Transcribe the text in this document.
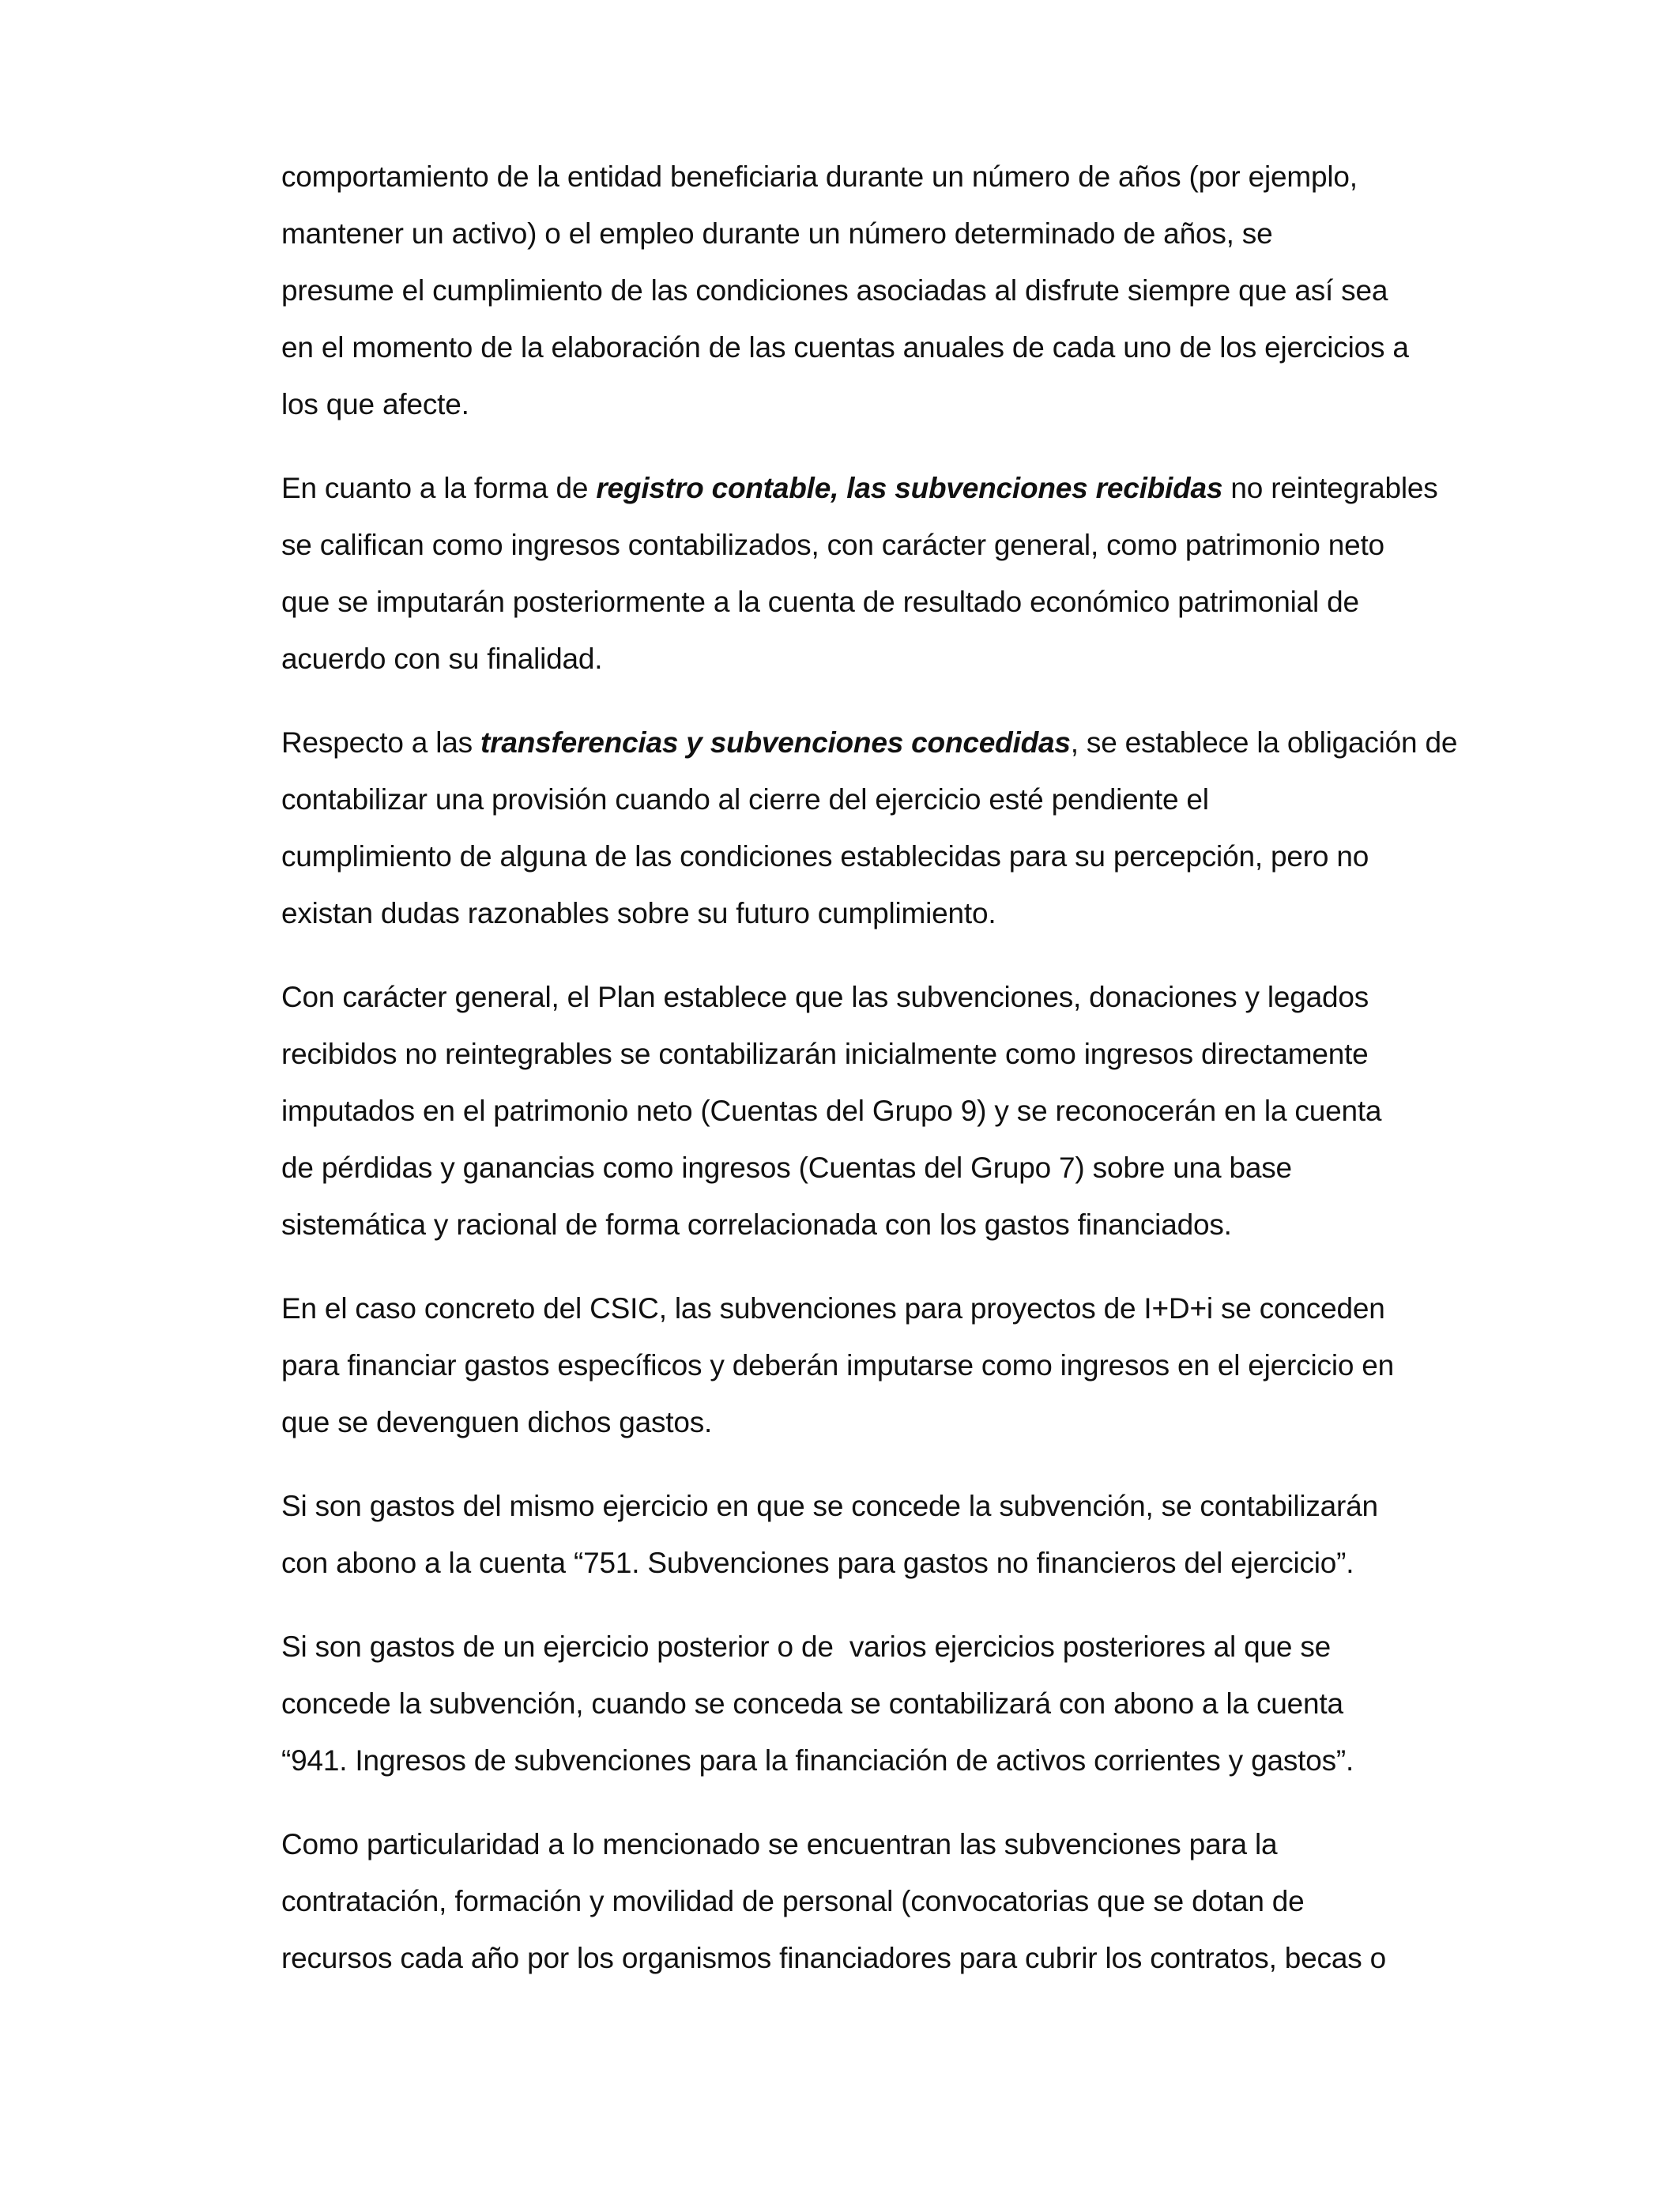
comportamiento de la entidad beneficiaria durante un número de años (por ejemplo,
mantener un activo) o el empleo durante un número determinado de años, se
presume el cumplimiento de las condiciones asociadas al disfrute siempre que así sea
en el momento de la elaboración de las cuentas anuales de cada uno de los ejercicios a
los que afecte.
En cuanto a la forma de registro contable, las subvenciones recibidas no reintegrables
se califican como ingresos contabilizados, con carácter general, como patrimonio neto
que se imputarán posteriormente a la cuenta de resultado económico patrimonial de
acuerdo con su finalidad.
Respecto a las transferencias y subvenciones concedidas, se establece la obligación de
contabilizar una provisión cuando al cierre del ejercicio esté pendiente el
cumplimiento de alguna de las condiciones establecidas para su percepción, pero no
existan dudas razonables sobre su futuro cumplimiento.
Con carácter general, el Plan establece que las subvenciones, donaciones y legados
recibidos no reintegrables se contabilizarán inicialmente como ingresos directamente
imputados en el patrimonio neto (Cuentas del Grupo 9) y se reconocerán en la cuenta
de pérdidas y ganancias como ingresos (Cuentas del Grupo 7) sobre una base
sistemática y racional de forma correlacionada con los gastos financiados.
En el caso concreto del CSIC, las subvenciones para proyectos de I+D+i se conceden
para financiar gastos específicos y deberán imputarse como ingresos en el ejercicio en
que se devenguen dichos gastos.
Si son gastos del mismo ejercicio en que se concede la subvención, se contabilizarán
con abono a la cuenta “751. Subvenciones para gastos no financieros del ejercicio”.
Si son gastos de un ejercicio posterior o de  varios ejercicios posteriores al que se
concede la subvención, cuando se conceda se contabilizará con abono a la cuenta
“941. Ingresos de subvenciones para la financiación de activos corrientes y gastos”.
Como particularidad a lo mencionado se encuentran las subvenciones para la
contratación, formación y movilidad de personal (convocatorias que se dotan de
recursos cada año por los organismos financiadores para cubrir los contratos, becas o
